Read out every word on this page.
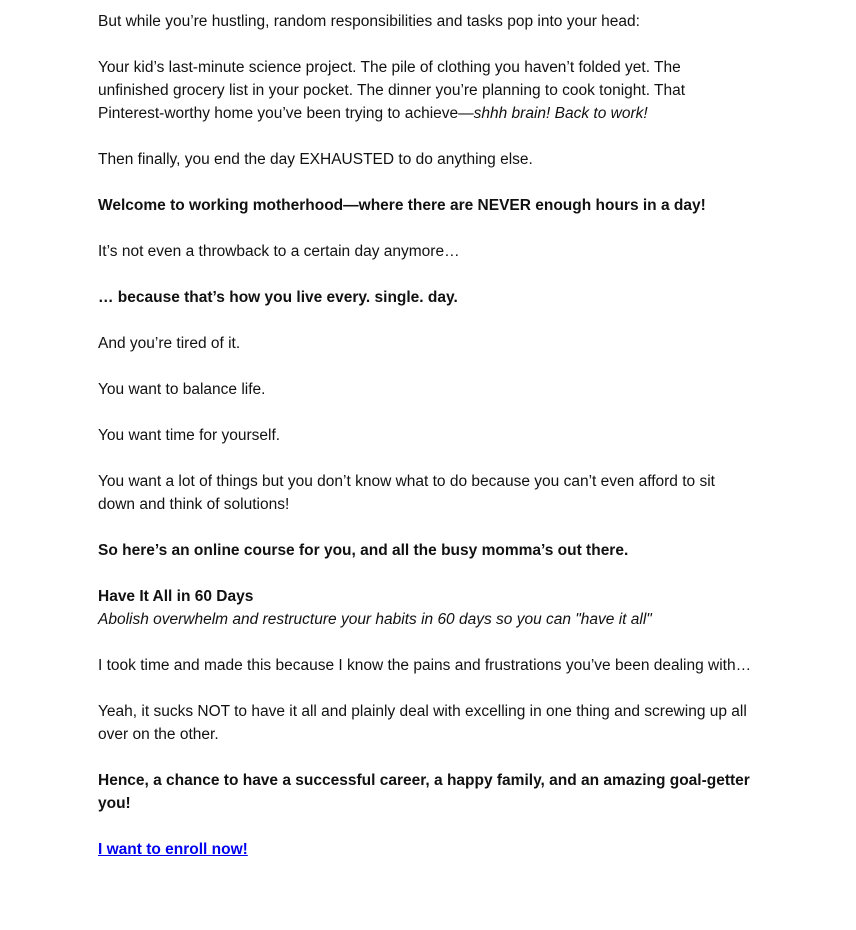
But while you’re hustling, random responsibilities and tasks pop into your head:

Your kid’s last-minute science project. The pile of clothing you haven’t folded yet. The unfinished grocery list in your pocket. The dinner you’re planning to cook tonight. That Pinterest-worthy home you’ve been trying to achieve—shhh brain! Back to work!

Then finally, you end the day EXHAUSTED to do anything else.

Welcome to working motherhood—where there are NEVER enough hours in a day!

It’s not even a throwback to a certain day anymore…

… because that’s how you live every. single. day.

And you’re tired of it.

You want to balance life.

You want time for yourself.

You want a lot of things but you don’t know what to do because you can’t even afford to sit down and think of solutions!

So here’s an online course for you, and all the busy momma’s out there.

Have It All in 60 Days
Abolish overwhelm and restructure your habits in 60 days so you can "have it all"

I took time and made this because I know the pains and frustrations you’ve been dealing with…

Yeah, it sucks NOT to have it all and plainly deal with excelling in one thing and screwing up all over on the other.

Hence, a chance to have a successful career, a happy family, and an amazing goal-getter you!

I want to enroll now!
